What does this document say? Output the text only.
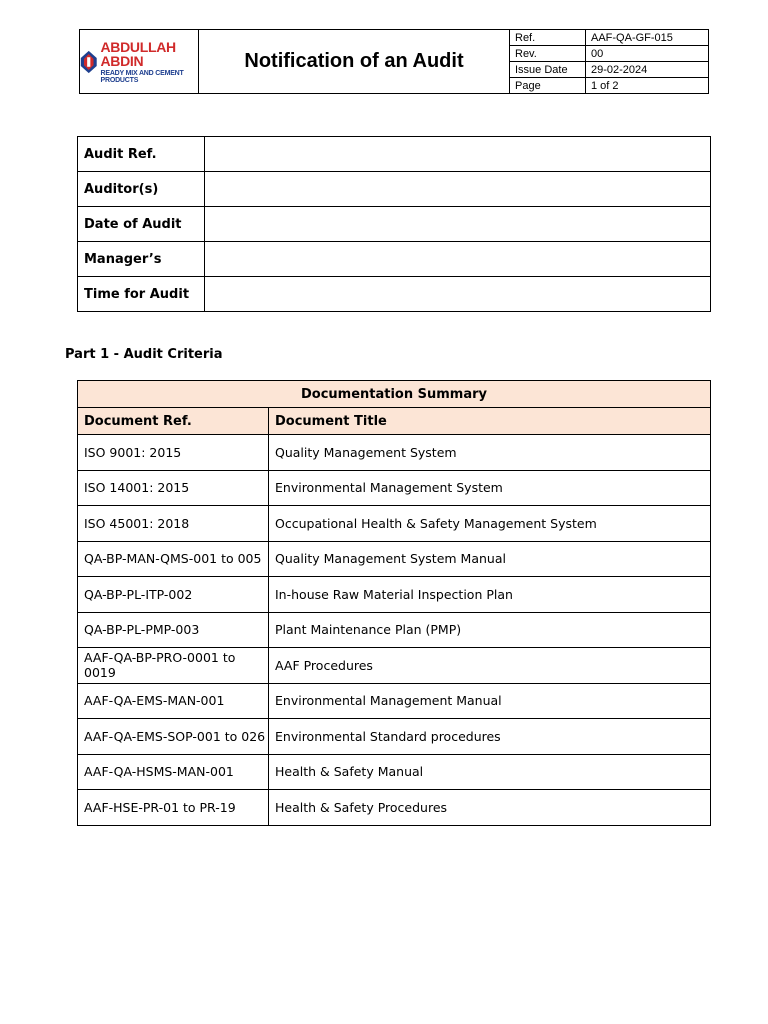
ABDULLAH ABDIN
READY MIX AND CEMENT PRODUCTS	Notification of an Audit	Ref.	AAF-QA-GF-015
		Rev.	00
		Issue Date	29-02-2024
		Page	1 of 2
Audit Ref.	
Auditor(s)	
Date of Audit	
Manager’s	
Time for Audit	
Part 1 - Audit Criteria
Documentation Summary	
Document Ref.	Document Title
ISO 9001: 2015	Quality Management System
ISO 14001: 2015	Environmental Management System
ISO 45001: 2018	Occupational Health & Safety Management System
QA-BP-MAN-QMS-001 to 005	Quality Management System Manual
QA-BP-PL-ITP-002	In-house Raw Material Inspection Plan
QA-BP-PL-PMP-003	Plant Maintenance Plan (PMP)
AAF-QA-BP-PRO-0001 to 0019	AAF Procedures
AAF-QA-EMS-MAN-001	Environmental Management Manual
AAF-QA-EMS-SOP-001 to 026	Environmental Standard procedures
AAF-QA-HSMS-MAN-001	Health & Safety Manual
AAF-HSE-PR-01 to PR-19	Health & Safety Procedures
